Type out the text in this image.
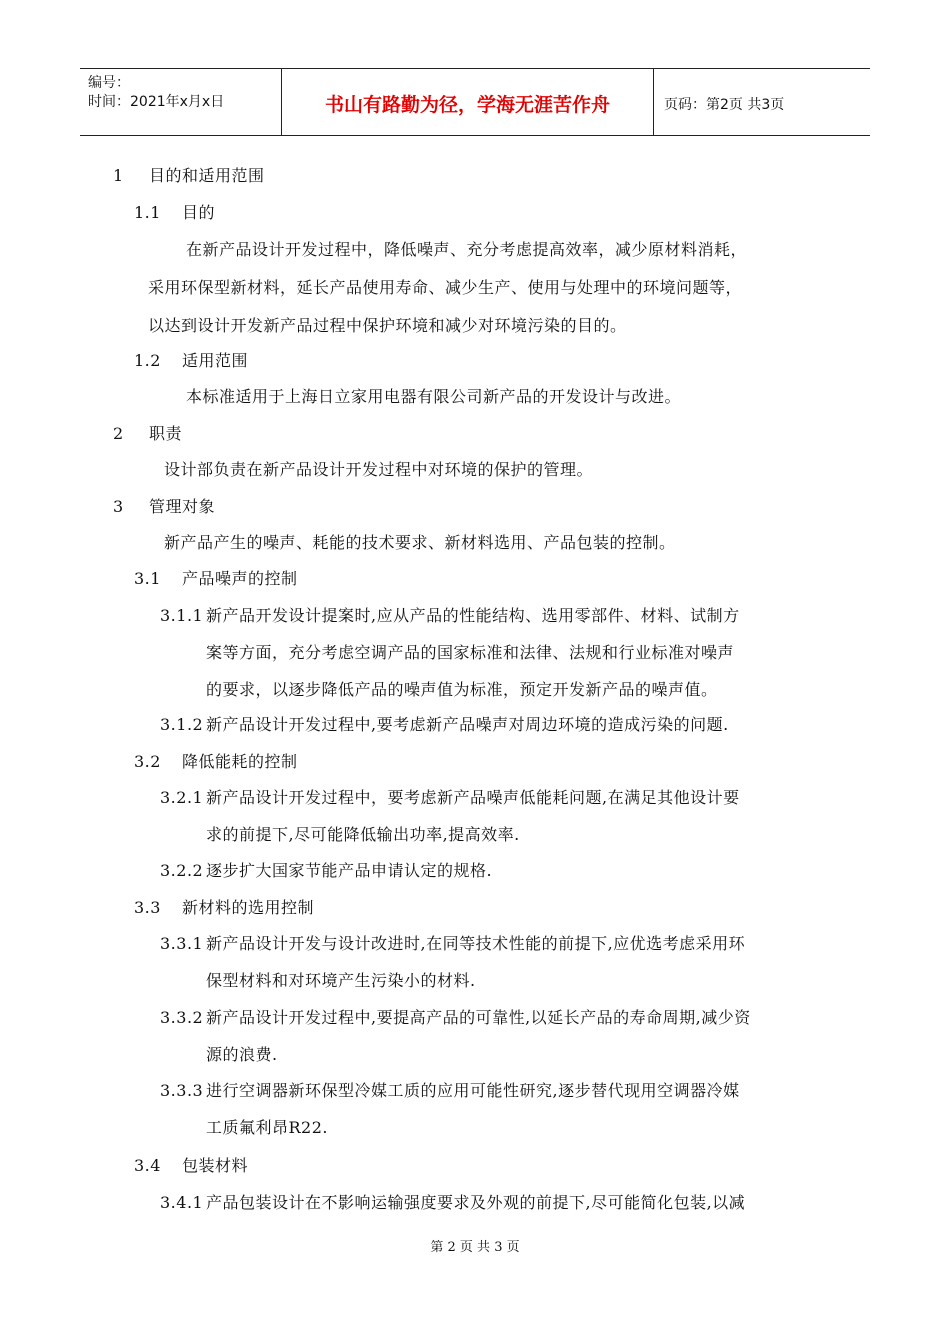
编号：
时间：2021年x月x日	书山有路勤为径，学海无涯苦作舟	页码：第2页 共3页
1 目的和适用范围
1.1 目的
在新产品设计开发过程中，降低噪声、充分考虑提高效率，减少原材料消耗，
采用环保型新材料，延长产品使用寿命、减少生产、使用与处理中的环境问题等，
以达到设计开发新产品过程中保护环境和减少对环境污染的目的。
1.2 适用范围
本标准适用于上海日立家用电器有限公司新产品的开发设计与改进。
2 职责
设计部负责在新产品设计开发过程中对环境的保护的管理。
3 管理对象
新产品产生的噪声、耗能的技术要求、新材料选用、产品包装的控制。
3.1 产品噪声的控制
3.1.1 新产品开发设计提案时,应从产品的性能结构、选用零部件、材料、试制方
案等方面，充分考虑空调产品的国家标准和法律、法规和行业标准对噪声
的要求，以逐步降低产品的噪声值为标准，预定开发新产品的噪声值。
3.1.2 新产品设计开发过程中,要考虑新产品噪声对周边环境的造成污染的问题.
3.2 降低能耗的控制
3.2.1 新产品设计开发过程中，要考虑新产品噪声低能耗问题,在满足其他设计要
求的前提下,尽可能降低输出功率,提高效率.
3.2.2 逐步扩大国家节能产品申请认定的规格.
3.3 新材料的选用控制
3.3.1 新产品设计开发与设计改进时,在同等技术性能的前提下,应优选考虑采用环
保型材料和对环境产生污染小的材料.
3.3.2 新产品设计开发过程中,要提高产品的可靠性,以延长产品的寿命周期,减少资
源的浪费.
3.3.3 进行空调器新环保型冷媒工质的应用可能性研究,逐步替代现用空调器冷媒
工质氟利昂R22.
3.4 包装材料
3.4.1 产品包装设计在不影响运输强度要求及外观的前提下,尽可能简化包装,以减
第 2 页 共 3 页
